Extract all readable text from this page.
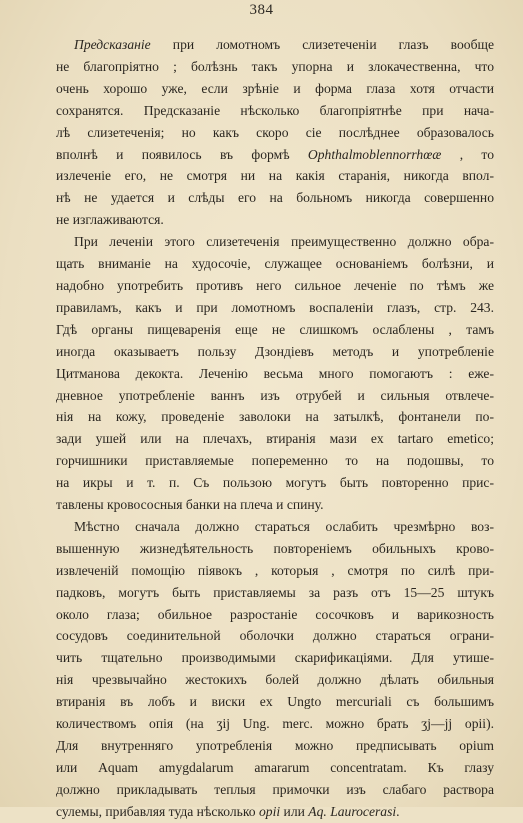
384
Предсказаніе при ломотномъ слизетеченіи глазъ вообще
не благопріятно ; болѣзнь такъ упорна и злокачественна, что
очень хорошо уже, если зрѣніе и форма глаза хотя отчасти
сохранятся. Предсказаніе нѣсколько благопріятнѣе при нача-
лѣ слизетеченія; но какъ скоро сіе послѣднее образовалось
вполнѣ и появилось въ формѣ Ophthalmoblennorrhœæ , то
излеченіе его, не смотря ни на какія старанія, никогда впол-
нѣ не удается и слѣды его на больномъ никогда совершенно
не изглаживаются.
При леченіи этого слизетеченія преимущественно должно обра-
щать вниманіе на худосочіе, служащее основаніемъ болѣзни, и
надобно употребить противъ него сильное леченіе по тѣмъ же
правиламъ, какъ и при ломотномъ воспаленіи глазъ, стр. 243.
Гдѣ органы пищеваренія еще не слишкомъ ослаблены , тамъ
иногда оказываетъ пользу Дзондіевъ методъ и употребленіе
Цитманова декокта. Леченію весьма много помогаютъ : еже-
дневное употребленіе ваннъ изъ отрубей и сильныя отвлече-
нія на кожу, проведеніе заволоки на затылкѣ, фонтанели по-
зади ушей или на плечахъ, втиранія мази ex tartaro emetico;
горчишники приставляемые попеременно то на подошвы, то
на икры и т. п. Съ пользою могутъ быть повторенно прис-
тавлены кровососныя банки на плеча и спину.
Мѣстно сначала должно стараться ослабить чрезмѣрно воз-
вышенную жизнедѣятельность повтореніемъ обильныхъ крово-
извлеченій помощію піявокъ , которыя , смотря по силѣ при-
падковъ, могутъ быть приставляемы за разъ отъ 15—25 штукъ
около глаза; обильное разростаніе сосочковъ и варикозность
сосудовъ соединительной оболочки должно стараться ограни-
чить тщательно производимыми скарификаціями. Для утише-
нія чрезвычайно жестокихъ болей должно дѣлать обильныя
втиранія въ лобъ и виски ex Ungto mercuriali съ большимъ
количествомъ опія (на ʒij Ung. merc. можно брать ʒj—jj opii).
Для внутренняго употребленія можно предписывать opium
или Aquam amygdalarum amararum concentratam. Къ глазу
должно прикладывать теплыя примочки изъ слабаго раствора
сулемы, прибавляя туда нѣсколько opii или Aq. Laurocerasi.
